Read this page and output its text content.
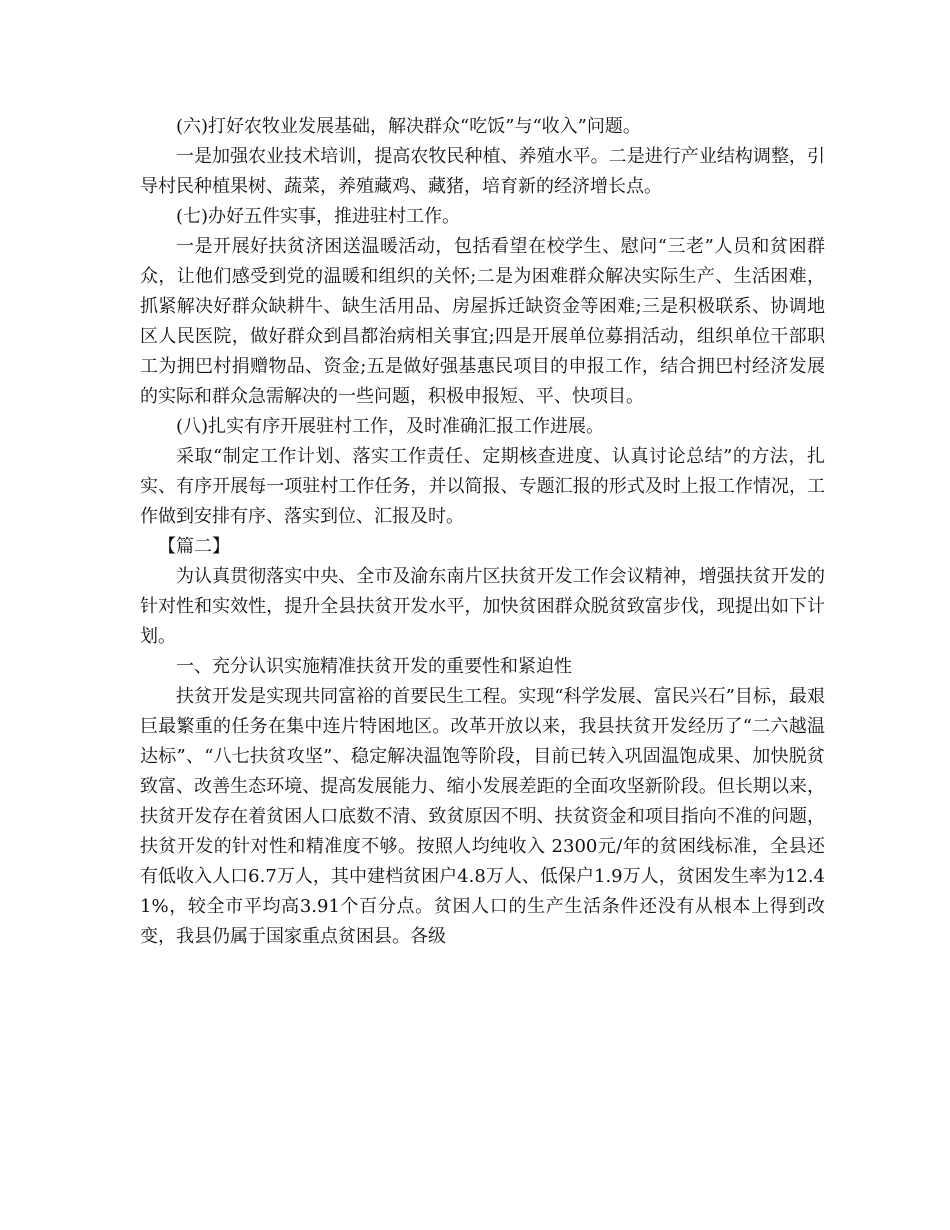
(六)打好农牧业发展基础，解决群众“吃饭”与“收入”问题。

一是加强农业技术培训，提高农牧民种植、养殖水平。二是进行产业结构调整，引导村民种植果树、蔬菜，养殖藏鸡、藏猪，培育新的经济增长点。

(七)办好五件实事，推进驻村工作。

一是开展好扶贫济困送温暖活动，包括看望在校学生、慰问“三老”人员和贫困群众，让他们感受到党的温暖和组织的关怀;二是为困难群众解决实际生产、生活困难，抓紧解决好群众缺耕牛、缺生活用品、房屋拆迁缺资金等困难;三是积极联系、协调地区人民医院，做好群众到昌都治病相关事宜;四是开展单位募捐活动，组织单位干部职工为拥巴村捐赠物品、资金;五是做好强基惠民项目的申报工作，结合拥巴村经济发展的实际和群众急需解决的一些问题，积极申报短、平、快项目。

(八)扎实有序开展驻村工作，及时准确汇报工作进展。

采取“制定工作计划、落实工作责任、定期核查进度、认真讨论总结”的方法，扎实、有序开展每一项驻村工作任务，并以简报、专题汇报的形式及时上报工作情况，工作做到安排有序、落实到位、汇报及时。

【篇二】

为认真贯彻落实中央、全市及渝东南片区扶贫开发工作会议精神，增强扶贫开发的针对性和实效性，提升全县扶贫开发水平，加快贫困群众脱贫致富步伐，现提出如下计划。

一、充分认识实施精准扶贫开发的重要性和紧迫性

扶贫开发是实现共同富裕的首要民生工程。实现“科学发展、富民兴石”目标，最艰巨最繁重的任务在集中连片特困地区。改革开放以来，我县扶贫开发经历了“二六越温达标”、“八七扶贫攻坚”、稳定解决温饱等阶段，目前已转入巩固温饱成果、加快脱贫致富、改善生态环境、提高发展能力、缩小发展差距的全面攻坚新阶段。但长期以来，扶贫开发存在着贫困人口底数不清、致贫原因不明、扶贫资金和项目指向不准的问题，扶贫开发的针对性和精准度不够。按照人均纯收入 2300元/年的贫困线标准，全县还有低收入人口6.7万人，其中建档贫困户4.8万人、低保户1.9万人，贫困发生率为12.41%，较全市平均高3.91个百分点。贫困人口的生产生活条件还没有从根本上得到改变，我县仍属于国家重点贫困县。各级
